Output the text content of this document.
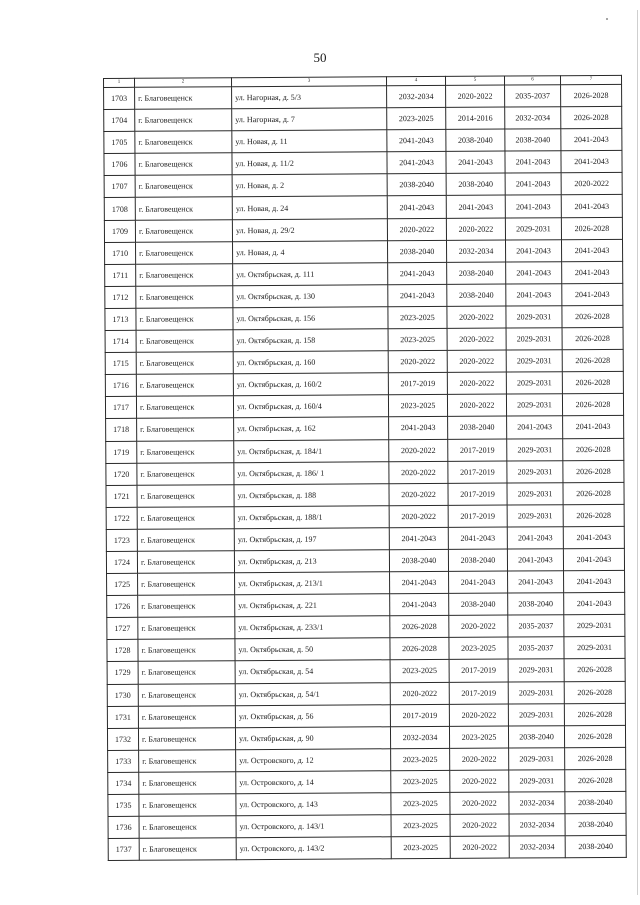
50
1	2	3	4	5	6	7
1703	г. Благовещенск	ул. Нагорная, д. 5/3	2032-2034	2020-2022	2035-2037	2026-2028
1704	г. Благовещенск	ул. Нагорная, д. 7	2023-2025	2014-2016	2032-2034	2026-2028
1705	г. Благовещенск	ул. Новая, д. 11	2041-2043	2038-2040	2038-2040	2041-2043
1706	г. Благовещенск	ул. Новая, д. 11/2	2041-2043	2041-2043	2041-2043	2041-2043
1707	г. Благовещенск	ул. Новая, д. 2	2038-2040	2038-2040	2041-2043	2020-2022
1708	г. Благовещенск	ул. Новая, д. 24	2041-2043	2041-2043	2041-2043	2041-2043
1709	г. Благовещенск	ул. Новая, д. 29/2	2020-2022	2020-2022	2029-2031	2026-2028
1710	г. Благовещенск	ул. Новая, д. 4	2038-2040	2032-2034	2041-2043	2041-2043
1711	г. Благовещенск	ул. Октябрьская, д. 111	2041-2043	2038-2040	2041-2043	2041-2043
1712	г. Благовещенск	ул. Октябрьская, д. 130	2041-2043	2038-2040	2041-2043	2041-2043
1713	г. Благовещенск	ул. Октябрьская, д. 156	2023-2025	2020-2022	2029-2031	2026-2028
1714	г. Благовещенск	ул. Октябрьская, д. 158	2023-2025	2020-2022	2029-2031	2026-2028
1715	г. Благовещенск	ул. Октябрьская, д. 160	2020-2022	2020-2022	2029-2031	2026-2028
1716	г. Благовещенск	ул. Октябрьская, д. 160/2	2017-2019	2020-2022	2029-2031	2026-2028
1717	г. Благовещенск	ул. Октябрьская, д. 160/4	2023-2025	2020-2022	2029-2031	2026-2028
1718	г. Благовещенск	ул. Октябрьская, д. 162	2041-2043	2038-2040	2041-2043	2041-2043
1719	г. Благовещенск	ул. Октябрьская, д. 184/1	2020-2022	2017-2019	2029-2031	2026-2028
1720	г. Благовещенск	ул. Октябрьская, д. 186/ 1	2020-2022	2017-2019	2029-2031	2026-2028
1721	г. Благовещенск	ул. Октябрьская, д. 188	2020-2022	2017-2019	2029-2031	2026-2028
1722	г. Благовещенск	ул. Октябрьская, д. 188/1	2020-2022	2017-2019	2029-2031	2026-2028
1723	г. Благовещенск	ул. Октябрьская, д. 197	2041-2043	2041-2043	2041-2043	2041-2043
1724	г. Благовещенск	ул. Октябрьская, д. 213	2038-2040	2038-2040	2041-2043	2041-2043
1725	г. Благовещенск	ул. Октябрьская, д. 213/1	2041-2043	2041-2043	2041-2043	2041-2043
1726	г. Благовещенск	ул. Октябрьская, д. 221	2041-2043	2038-2040	2038-2040	2041-2043
1727	г. Благовещенск	ул. Октябрьская, д. 233/1	2026-2028	2020-2022	2035-2037	2029-2031
1728	г. Благовещенск	ул. Октябрьская, д. 50	2026-2028	2023-2025	2035-2037	2029-2031
1729	г. Благовещенск	ул. Октябрьская, д. 54	2023-2025	2017-2019	2029-2031	2026-2028
1730	г. Благовещенск	ул. Октябрьская, д. 54/1	2020-2022	2017-2019	2029-2031	2026-2028
1731	г. Благовещенск	ул. Октябрьская, д. 56	2017-2019	2020-2022	2029-2031	2026-2028
1732	г. Благовещенск	ул. Октябрьская, д. 90	2032-2034	2023-2025	2038-2040	2026-2028
1733	г. Благовещенск	ул. Островского, д. 12	2023-2025	2020-2022	2029-2031	2026-2028
1734	г. Благовещенск	ул. Островского, д. 14	2023-2025	2020-2022	2029-2031	2026-2028
1735	г. Благовещенск	ул. Островского, д. 143	2023-2025	2020-2022	2032-2034	2038-2040
1736	г. Благовещенск	ул. Островского, д. 143/1	2023-2025	2020-2022	2032-2034	2038-2040
1737	г. Благовещенск	ул. Островского, д. 143/2	2023-2025	2020-2022	2032-2034	2038-2040
